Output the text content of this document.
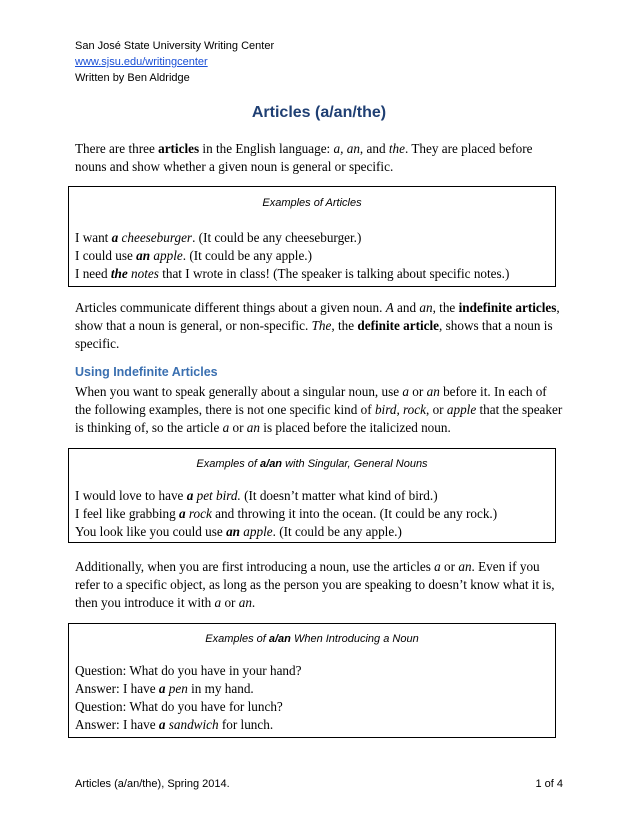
San José State University Writing Center
www.sjsu.edu/writingcenter
Written by Ben Aldridge
Articles (a/an/the)
There are three articles in the English language: a, an, and the. They are placed before nouns and show whether a given noun is general or specific.
Examples of Articles
I want a cheeseburger. (It could be any cheeseburger.)
I could use an apple. (It could be any apple.)
I need the notes that I wrote in class! (The speaker is talking about specific notes.)
Articles communicate different things about a given noun. A and an, the indefinite articles, show that a noun is general, or non-specific. The, the definite article, shows that a noun is specific.
Using Indefinite Articles
When you want to speak generally about a singular noun, use a or an before it. In each of the following examples, there is not one specific kind of bird, rock, or apple that the speaker is thinking of, so the article a or an is placed before the italicized noun.
Examples of a/an with Singular, General Nouns
I would love to have a pet bird. (It doesn’t matter what kind of bird.)
I feel like grabbing a rock and throwing it into the ocean. (It could be any rock.)
You look like you could use an apple. (It could be any apple.)
Additionally, when you are first introducing a noun, use the articles a or an. Even if you refer to a specific object, as long as the person you are speaking to doesn’t know what it is, then you introduce it with a or an.
Examples of a/an When Introducing a Noun
Question: What do you have in your hand?
Answer: I have a pen in my hand.
Question: What do you have for lunch?
Answer: I have a sandwich for lunch.
Articles (a/an/the), Spring 2014.	1 of 4
